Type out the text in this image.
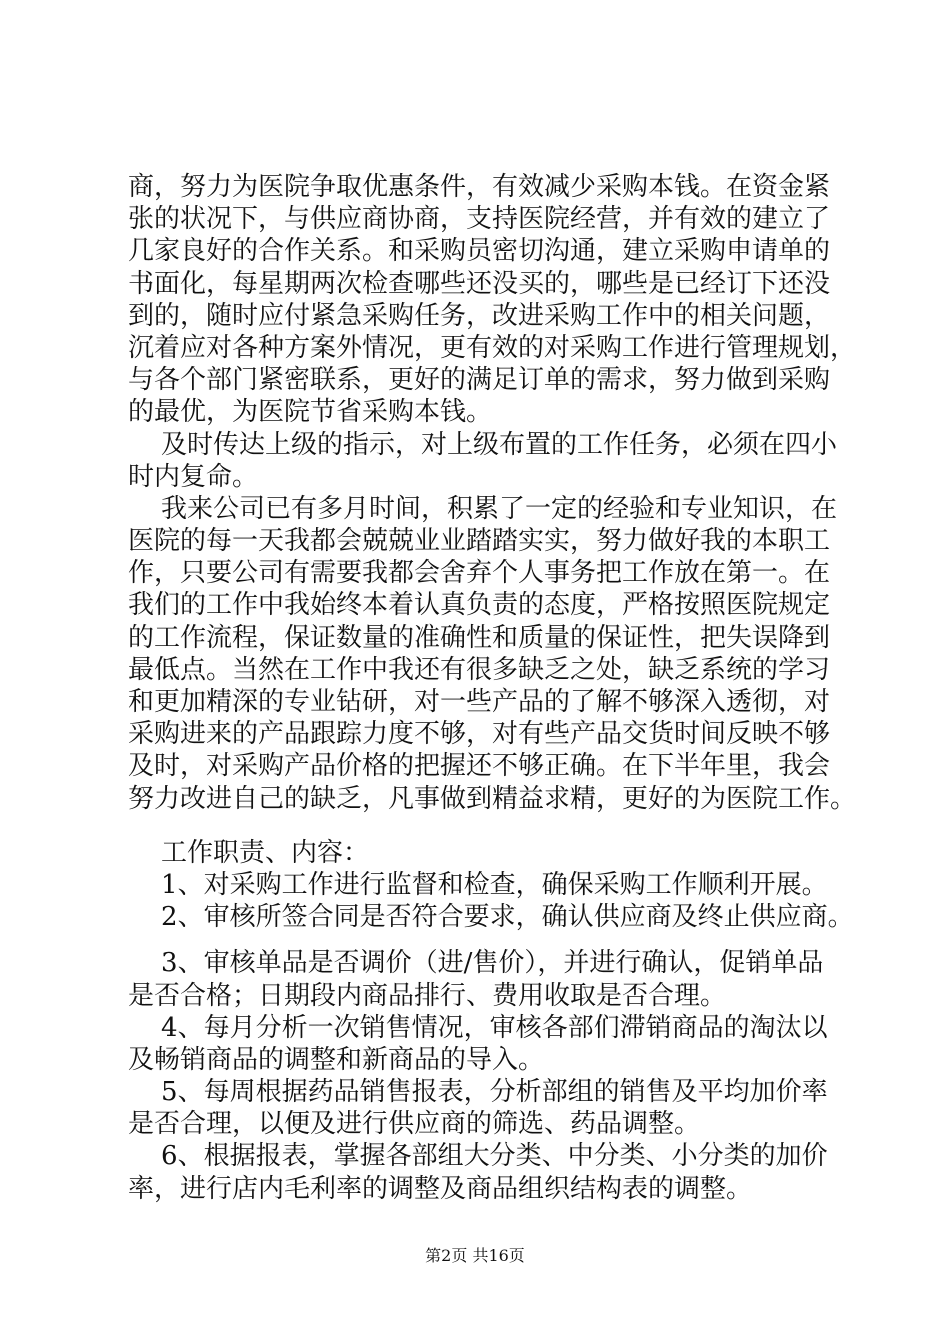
商，努力为医院争取优惠条件，有效减少采购本钱。在资金紧
张的状况下，与供应商协商，支持医院经营，并有效的建立了
几家良好的合作关系。和采购员密切沟通，建立采购申请单的
书面化，每星期两次检查哪些还没买的，哪些是已经订下还没
到的，随时应付紧急采购任务，改进采购工作中的相关问题，
沉着应对各种方案外情况，更有效的对采购工作进行管理规划，
与各个部门紧密联系，更好的满足订单的需求，努力做到采购
的最优，为医院节省采购本钱。
及时传达上级的指示，对上级布置的工作任务，必须在四小
时内复命。
我来公司已有多月时间，积累了一定的经验和专业知识，在
医院的每一天我都会兢兢业业踏踏实实，努力做好我的本职工
作，只要公司有需要我都会舍弃个人事务把工作放在第一。在
我们的工作中我始终本着认真负责的态度，严格按照医院规定
的工作流程，保证数量的准确性和质量的保证性，把失误降到
最低点。当然在工作中我还有很多缺乏之处，缺乏系统的学习
和更加精深的专业钻研，对一些产品的了解不够深入透彻，对
采购进来的产品跟踪力度不够，对有些产品交货时间反映不够
及时，对采购产品价格的把握还不够正确。在下半年里，我会
努力改进自己的缺乏，凡事做到精益求精，更好的为医院工作。
工作职责、内容：
1、对采购工作进行监督和检查，确保采购工作顺利开展。
2、审核所签合同是否符合要求，确认供应商及终止供应商。
3、审核单品是否调价（进/售价），并进行确认，促销单品
是否合格；日期段内商品排行、费用收取是否合理。
4、每月分析一次销售情况，审核各部们滞销商品的淘汰以
及畅销商品的调整和新商品的导入。
5、每周根据药品销售报表，分析部组的销售及平均加价率
是否合理，以便及进行供应商的筛选、药品调整。
6、根据报表，掌握各部组大分类、中分类、小分类的加价
率，进行店内毛利率的调整及商品组织结构表的调整。
第2页 共16页
